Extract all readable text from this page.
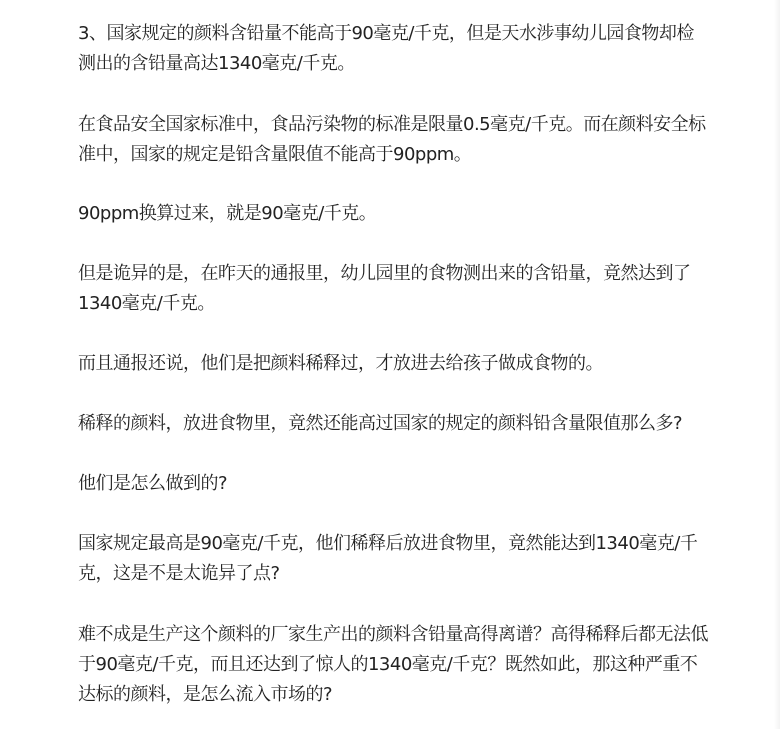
3、国家规定的颜料含铅量不能高于90毫克/千克，但是天水涉事幼儿园食物却检
测出的含铅量高达1340毫克/千克。

在食品安全国家标准中，食品污染物的标准是限量0.5毫克/千克。而在颜料安全标
准中，国家的规定是铅含量限值不能高于90ppm。

90ppm换算过来，就是90毫克/千克。

但是诡异的是，在昨天的通报里，幼儿园里的食物测出来的含铅量，竟然达到了
1340毫克/千克。

而且通报还说，他们是把颜料稀释过，才放进去给孩子做成食物的。

稀释的颜料，放进食物里，竟然还能高过国家的规定的颜料铅含量限值那么多?

他们是怎么做到的?

国家规定最高是90毫克/千克，他们稀释后放进食物里，竟然能达到1340毫克/千
克，这是不是太诡异了点?

难不成是生产这个颜料的厂家生产出的颜料含铅量高得离谱？高得稀释后都无法低
于90毫克/千克，而且还达到了惊人的1340毫克/千克？既然如此，那这种严重不
达标的颜料，是怎么流入市场的?
